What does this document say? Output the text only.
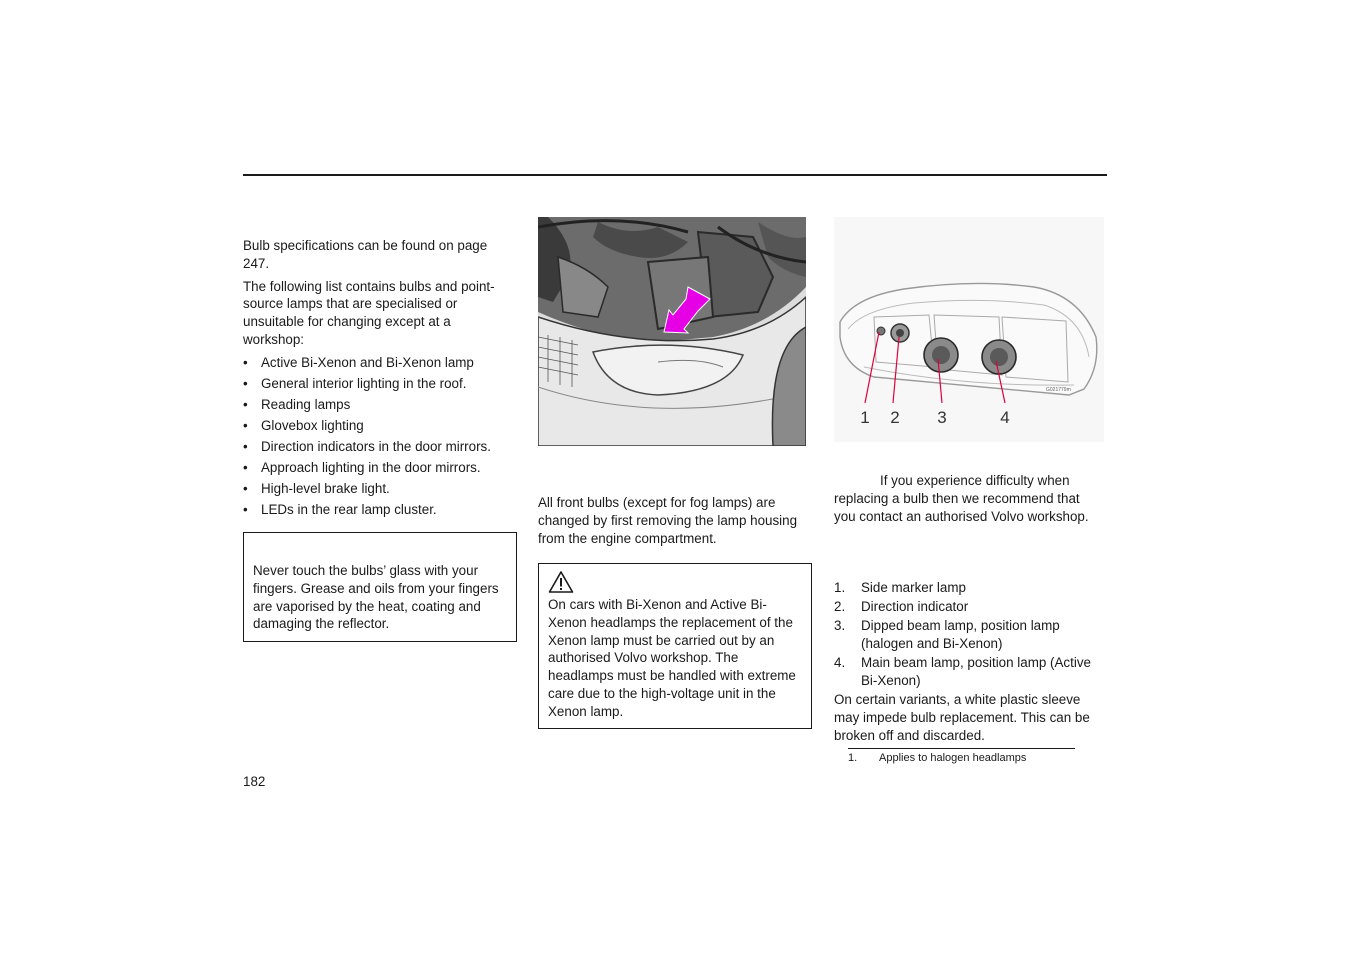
Bulb specifications can be found on page 247.

The following list contains bulbs and point-source lamps that are specialised or unsuitable for changing except at a workshop:

• Active Bi-Xenon and Bi-Xenon lamp
• General interior lighting in the roof.
• Reading lamps
• Glovebox lighting
• Direction indicators in the door mirrors.
• Approach lighting in the door mirrors.
• High-level brake light.
• LEDs in the rear lamp cluster.

Never touch the bulbs’ glass with your fingers. Grease and oils from your fingers are vaporised by the heat, coating and damaging the reflector.

All front bulbs (except for fog lamps) are changed by first removing the lamp housing from the engine compartment.

On cars with Bi-Xenon and Active Bi-Xenon headlamps the replacement of the Xenon lamp must be carried out by an authorised Volvo workshop. The headlamps must be handled with extreme care due to the high-voltage unit in the Xenon lamp.

G021779m
1 2 3	4

If you experience difficulty when replacing a bulb then we recommend that you contact an authorised Volvo workshop.

1. Side marker lamp
2. Direction indicator
3. Dipped beam lamp, position lamp (halogen and Bi-Xenon)
4. Main beam lamp, position lamp (Active Bi-Xenon)

On certain variants, a white plastic sleeve may impede bulb replacement. This can be broken off and discarded.

1. Applies to halogen headlamps
182
